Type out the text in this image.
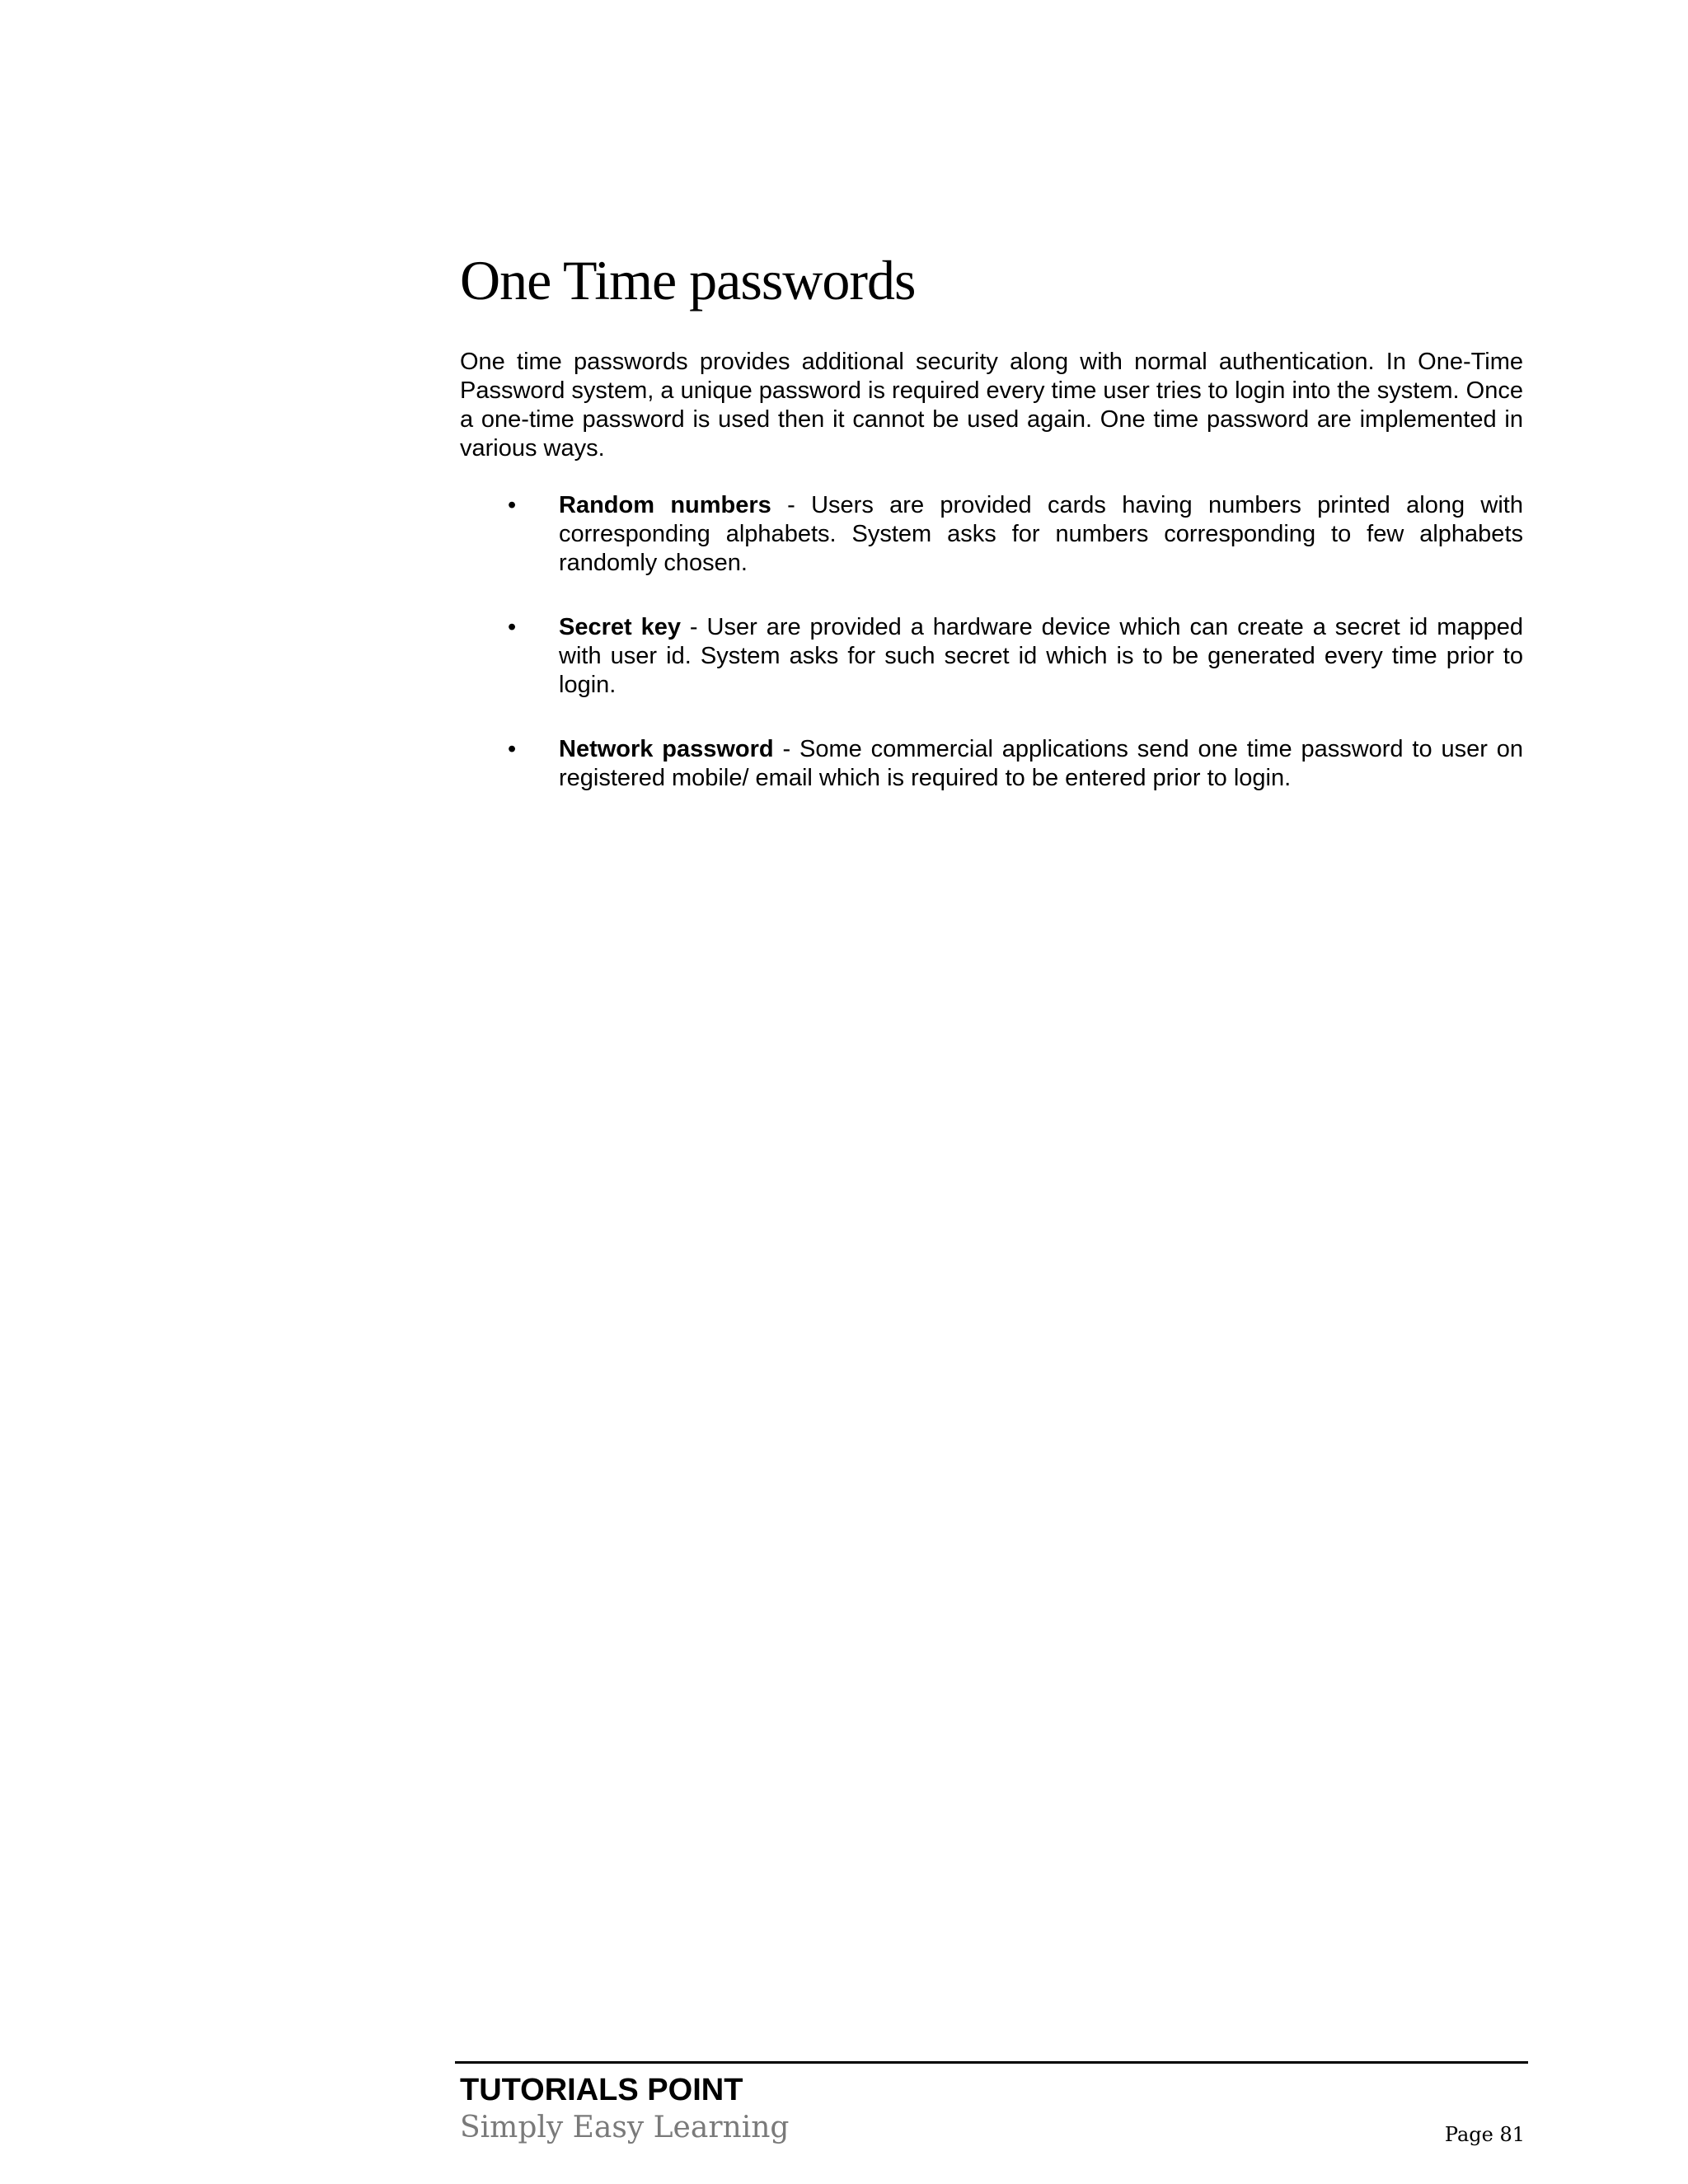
One Time passwords

One time passwords provides additional security along with normal authentication. In One-Time Password system, a unique password is required every time user tries to login into the system. Once a one-time password is used then it cannot be used again. One time password are implemented in various ways.

• Random numbers - Users are provided cards having numbers printed along with corresponding alphabets. System asks for numbers corresponding to few alphabets randomly chosen.
• Secret key - User are provided a hardware device which can create a secret id mapped with user id. System asks for such secret id which is to be generated every time prior to login.
• Network password - Some commercial applications send one time password to user on registered mobile/ email which is required to be entered prior to login.
TUTORIALS POINT
Simply Easy Learning	Page 81
